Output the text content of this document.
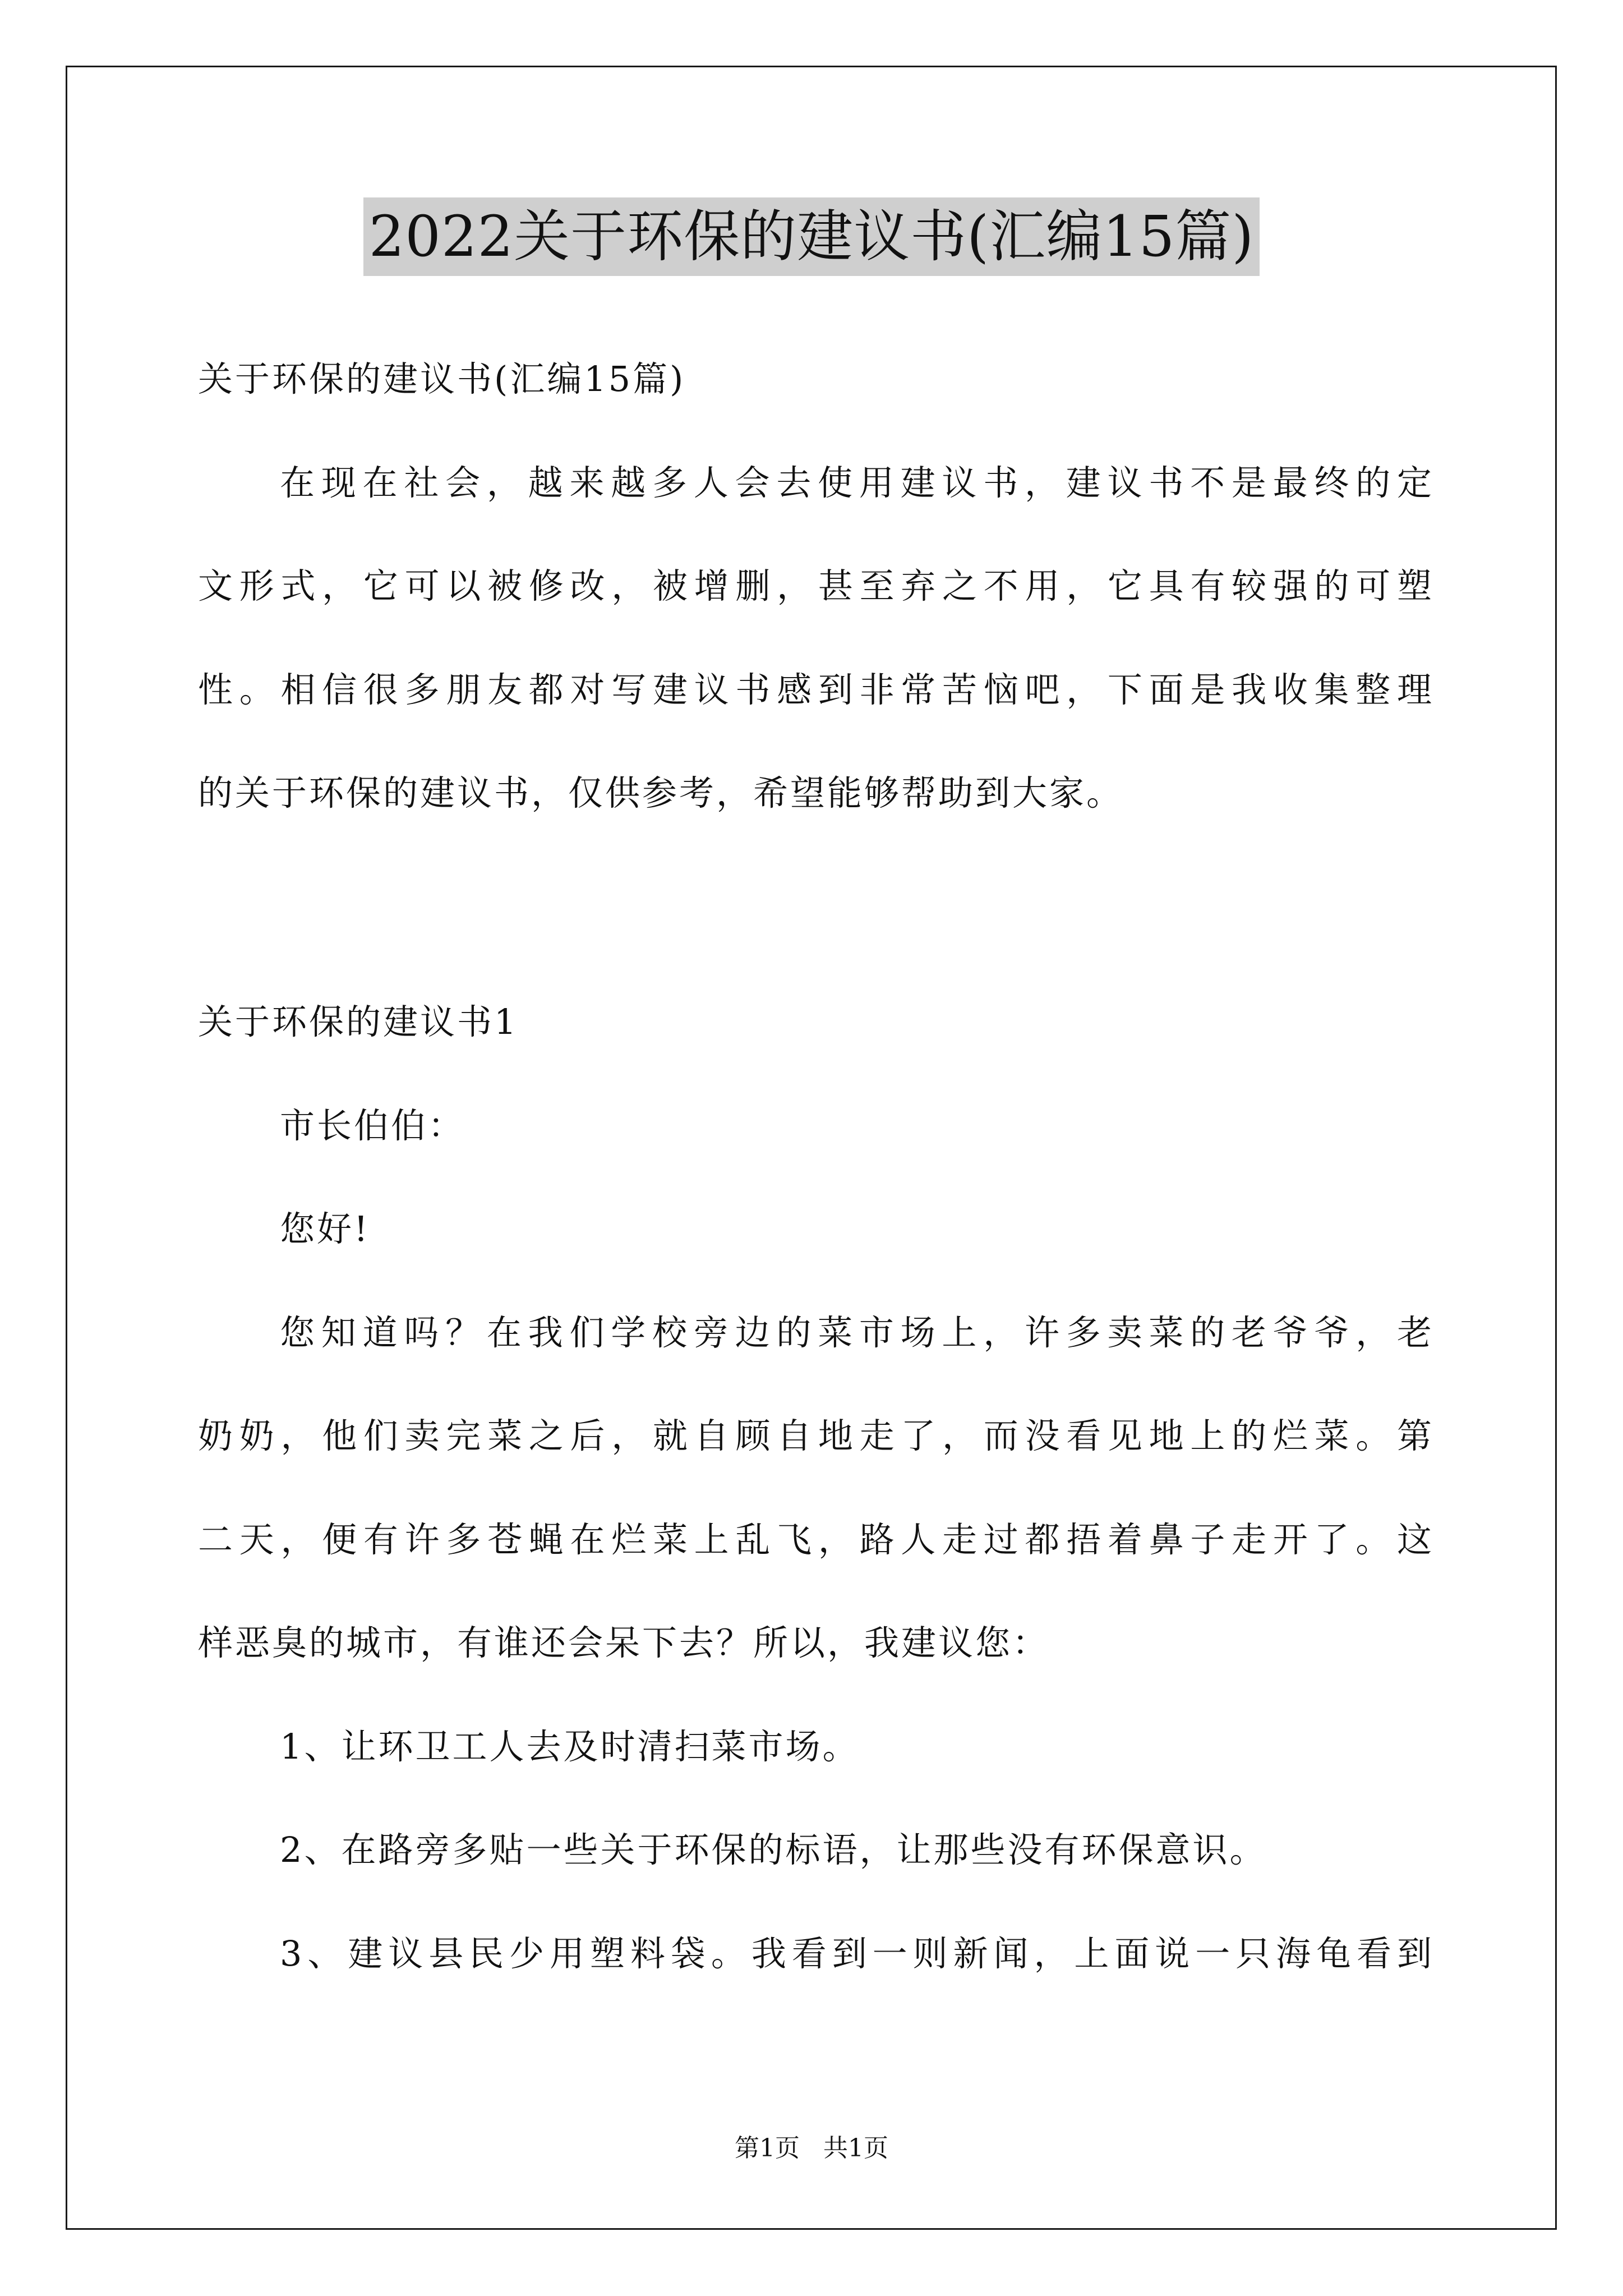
2022关于环保的建议书(汇编15篇)
关于环保的建议书(汇编15篇)
在现在社会，越来越多人会去使用建议书，建议书不是最终的定
文形式，它可以被修改，被增删，甚至弃之不用，它具有较强的可塑
性。相信很多朋友都对写建议书感到非常苦恼吧，下面是我收集整理
的关于环保的建议书，仅供参考，希望能够帮助到大家。
关于环保的建议书1
市长伯伯：
您好!
您知道吗？在我们学校旁边的菜市场上，许多卖菜的老爷爷，老
奶奶，他们卖完菜之后，就自顾自地走了，而没看见地上的烂菜。第
二天，便有许多苍蝇在烂菜上乱飞，路人走过都捂着鼻子走开了。这
样恶臭的城市，有谁还会呆下去？所以，我建议您：
1、让环卫工人去及时清扫菜市场。
2、在路旁多贴一些关于环保的标语，让那些没有环保意识。
3、建议县民少用塑料袋。我看到一则新闻，上面说一只海龟看到
第1页   共1页
